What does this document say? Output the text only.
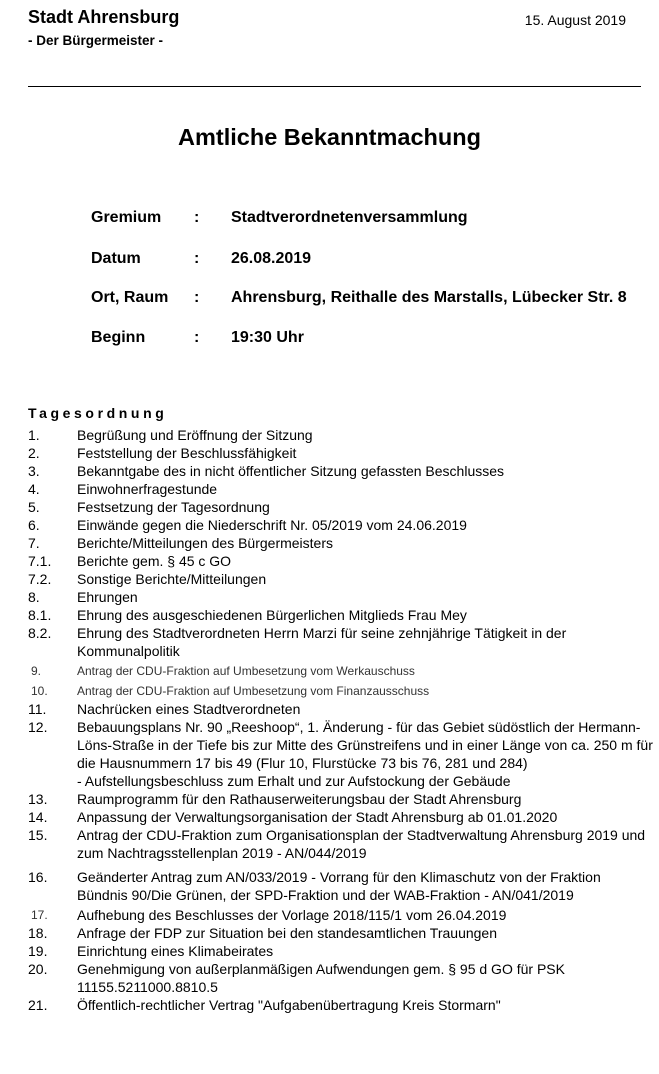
Stadt Ahrensburg
- Der Bürgermeister -
15. August 2019
Amtliche Bekanntmachung
Gremium	:	Stadtverordnetenversammlung
Datum	:	26.08.2019
Ort, Raum	:	Ahrensburg, Reithalle des Marstalls, Lübecker Str. 8
Beginn	:	19:30 Uhr
Tagesordnung
1.	Begrüßung und Eröffnung der Sitzung
2.	Feststellung der Beschlussfähigkeit
3.	Bekanntgabe des in nicht öffentlicher Sitzung gefassten Beschlusses
4.	Einwohnerfragestunde
5.	Festsetzung der Tagesordnung
6.	Einwände gegen die Niederschrift Nr. 05/2019 vom 24.06.2019
7.	Berichte/Mitteilungen des Bürgermeisters
7.1.	Berichte gem. § 45 c GO
7.2.	Sonstige Berichte/Mitteilungen
8.	Ehrungen
8.1.	Ehrung des ausgeschiedenen Bürgerlichen Mitglieds Frau Mey
8.2.	Ehrung des Stadtverordneten Herrn Marzi für seine zehnjährige Tätigkeit in der Kommunalpolitik
9.	Antrag der CDU-Fraktion auf Umbesetzung vom Werkauschuss
10.	Antrag der CDU-Fraktion auf Umbesetzung vom Finanzausschuss
11.	Nachrücken eines Stadtverordneten
12.	Bebauungsplans Nr. 90 „Reeshoop“, 1. Änderung - für das Gebiet südöstlich der Hermann-Löns-Straße in der Tiefe bis zur Mitte des Grünstreifens und in einer Länge von ca. 250 m für die Hausnummern 17 bis 49 (Flur 10, Flurstücke 73 bis 76, 281 und 284)
- Aufstellungsbeschluss zum Erhalt und zur Aufstockung der Gebäude
13.	Raumprogramm für den Rathauserweiterungsbau der Stadt Ahrensburg
14.	Anpassung der Verwaltungsorganisation der Stadt Ahrensburg ab 01.01.2020
15.	Antrag der CDU-Fraktion zum Organisationsplan der Stadtverwaltung Ahrensburg 2019 und zum Nachtragsstellenplan 2019 - AN/044/2019
16.	Geänderter Antrag zum AN/033/2019 - Vorrang für den Klimaschutz von der Fraktion Bündnis 90/Die Grünen, der SPD-Fraktion und der WAB-Fraktion - AN/041/2019
17.	Aufhebung des Beschlusses der Vorlage 2018/115/1 vom 26.04.2019
18.	Anfrage der FDP zur Situation bei den standesamtlichen Trauungen
19.	Einrichtung eines Klimabeirates
20.	Genehmigung von außerplanmäßigen Aufwendungen gem. § 95 d GO für PSK 11155.5211000.8810.5
21.	Öffentlich-rechtlicher Vertrag "Aufgabenübertragung Kreis Stormarn"
